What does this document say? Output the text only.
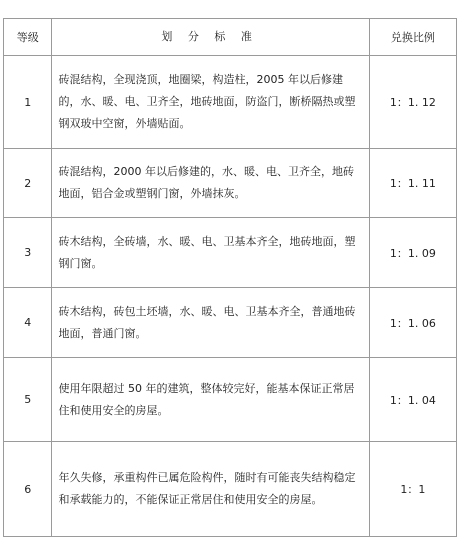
等级	划 分 标 准	兑换比例
1	砖混结构，全现浇顶，地圈梁，构造柱，2005 年以后修建的，水、暖、电、卫齐全，地砖地面，防盗门，断桥隔热或塑钢双玻中空窗，外墙贴面。	1：1. 12
2	砖混结构，2000 年以后修建的，水、暖、电、卫齐全，地砖地面，铝合金或塑钢门窗，外墙抹灰。	1：1. 11
3	砖木结构，全砖墙，水、暖、电、卫基本齐全，地砖地面，塑钢门窗。	1：1. 09
4	砖木结构，砖包土坯墙，水、暖、电、卫基本齐全，普通地砖地面，普通门窗。	1：1. 06
5	使用年限超过 50 年的建筑，整体较完好，能基本保证正常居住和使用安全的房屋。	1：1. 04
6	年久失修，承重构件已属危险构件，随时有可能丧失结构稳定和承载能力的，不能保证正常居住和使用安全的房屋。	1：1
